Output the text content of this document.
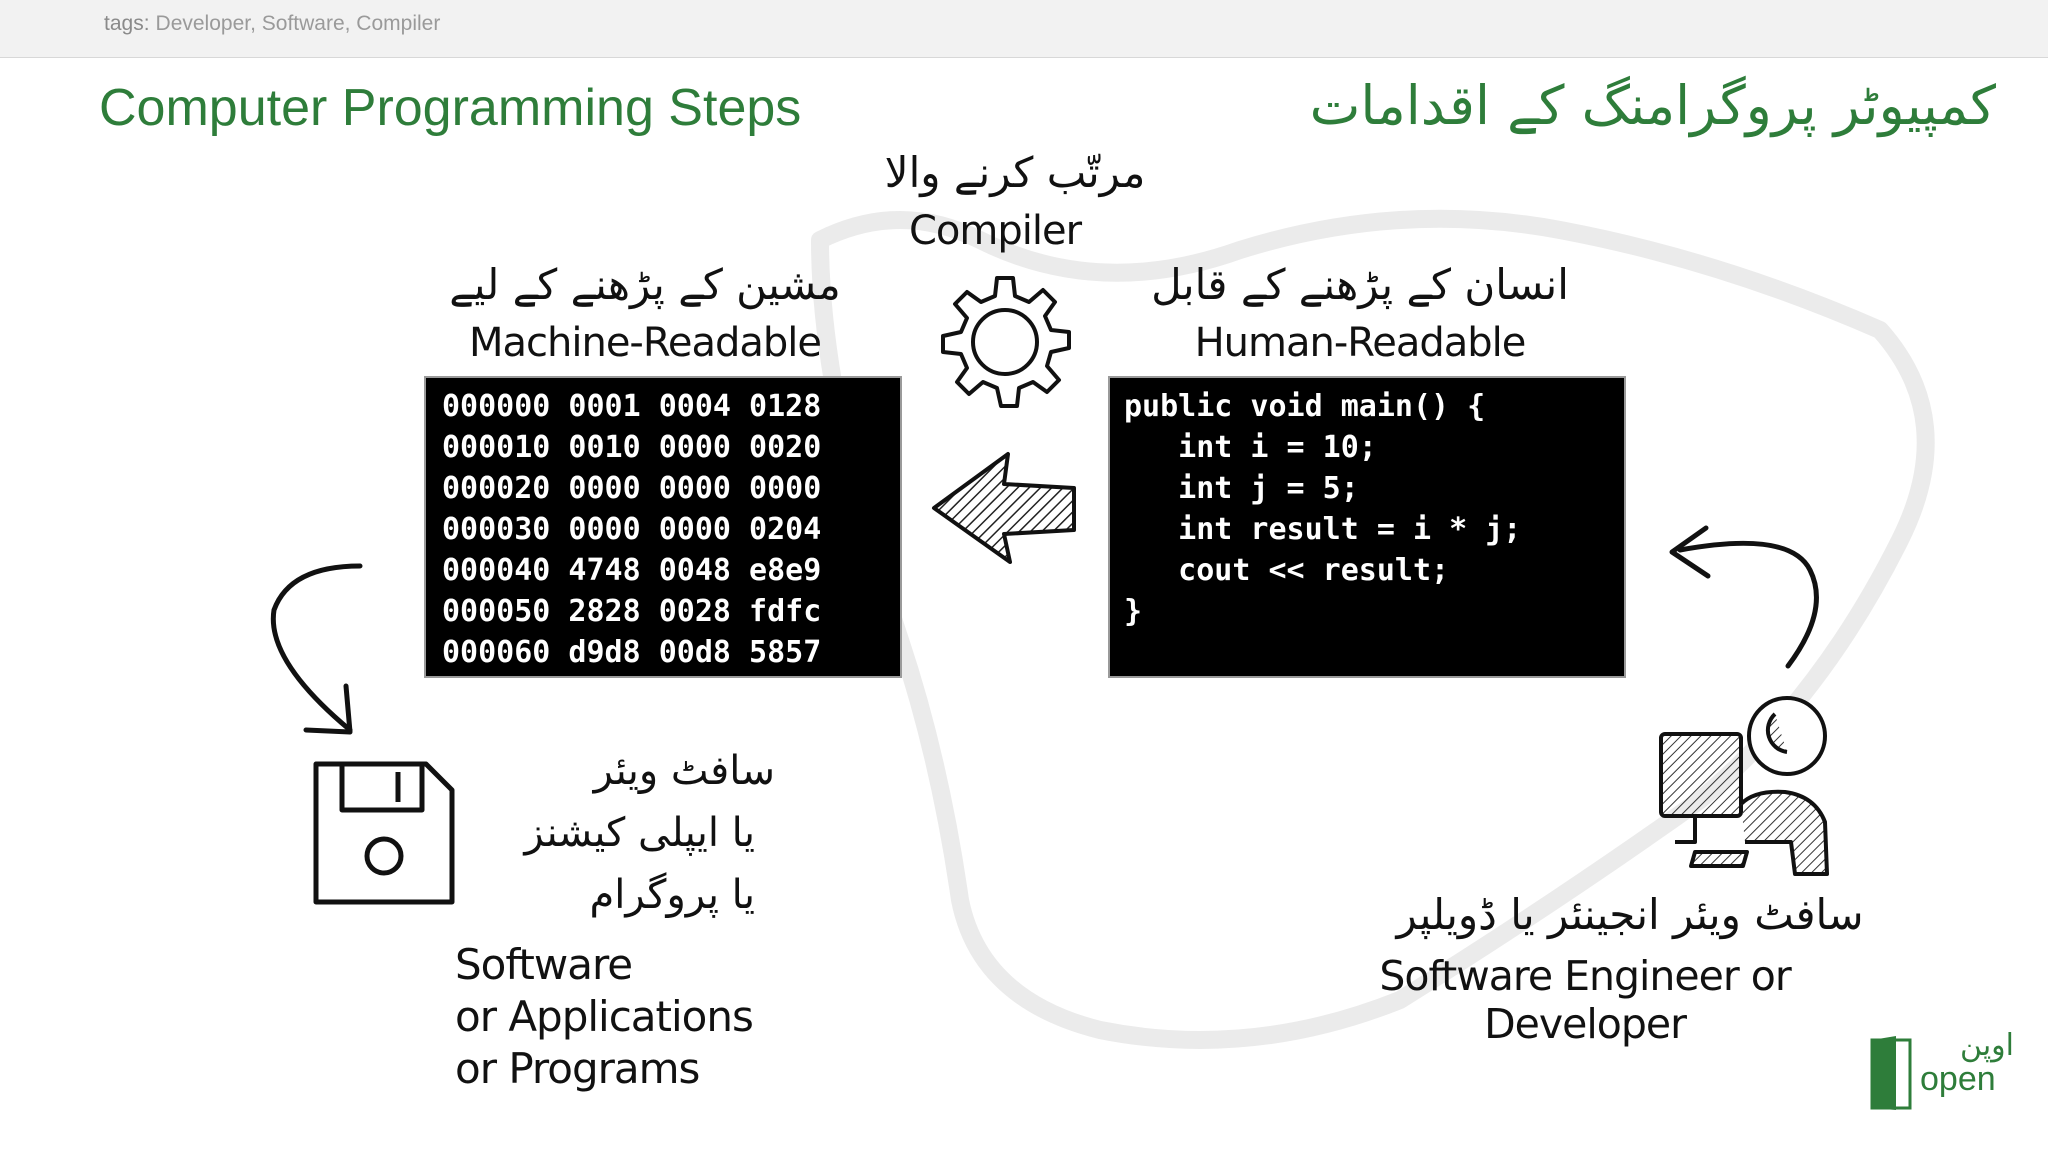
tags: Developer, Software, Compiler
Computer Programming Steps	کمپیوٹر پروگرامنگ کے اقدامات
مرتّب کرنے والا
Compiler
مشین کے پڑھنے کے لیے
Machine-Readable
000000 0001 0004 0128
000010 0010 0000 0020
000020 0000 0000 0000
000030 0000 0000 0204
000040 4748 0048 e8e9
000050 2828 0028 fdfc
000060 d9d8 00d8 5857
انسان کے پڑھنے کے قابل
Human-Readable
public void main() {
int i = 10;
int j = 5;
int result = i * j;
cout << result;
}
سافٹ ویئر
یا ایپلی کیشنز
یا پروگرام
Software
or Applications
or Programs
سافٹ ویئر انجینئر یا ڈویلپر
Software Engineer or Developer	اوپن
open
